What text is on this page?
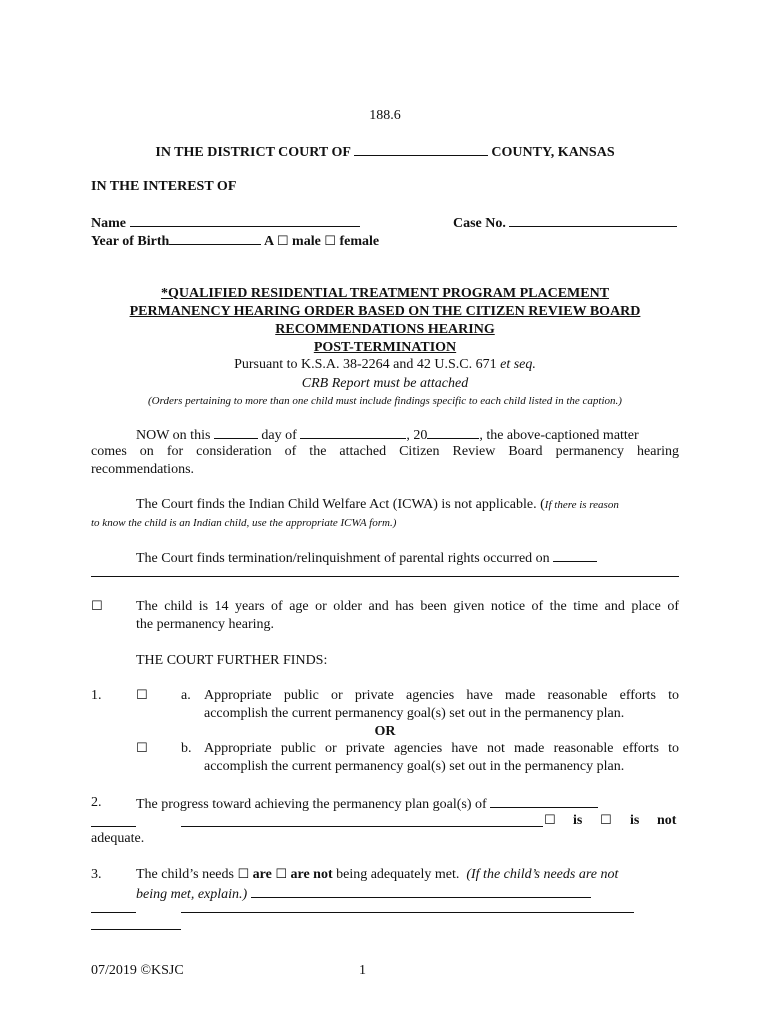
188.6
IN THE DISTRICT COURT OF	COUNTY, KANSAS
IN THE INTEREST OF
Name	Case No.
Year of Birth	A ☐ male ☐ female
*QUALIFIED RESIDENTIAL TREATMENT PROGRAM PLACEMENT
PERMANENCY HEARING ORDER BASED ON THE CITIZEN REVIEW BOARD
RECOMMENDATIONS HEARING
POST-TERMINATION
Pursuant to K.S.A. 38-2264 and 42 U.S.C. 671 et seq.
CRB Report must be attached
(Orders pertaining to more than one child must include findings specific to each child listed in the caption.)
NOW on this	day of	, 20	, the above-captioned matter
comes on for consideration of the attached Citizen Review Board permanency hearing
recommendations.
The Court finds the Indian Child Welfare Act (ICWA) is not applicable. (If there is reason
to know the child is an Indian child, use the appropriate ICWA form.)
The Court finds termination/relinquishment of parental rights occurred on
☐ The child is 14 years of age or older and has been given notice of the time and place of
the permanency hearing.
THE COURT FURTHER FINDS:
1.	☐ a. Appropriate public or private agencies have made reasonable efforts to
accomplish the current permanency goal(s) set out in the permanency plan.
OR
☐ b. Appropriate public or private agencies have not made reasonable efforts to
accomplish the current permanency goal(s) set out in the permanency plan.
2. The progress toward achieving the permanency plan goal(s) of
☐ is ☐ is not
adequate.
3. The child’s needs ☐ are ☐ are not being adequately met. (If the child’s needs are not
being met, explain.)
07/2019 ©KSJC	1
